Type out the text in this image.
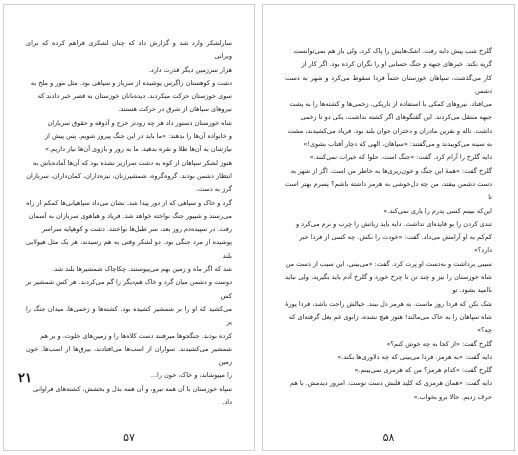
سارلشکر وارد شد و گزارش داد که چنان لشکری فراهم کرده که برای ویرانی

هزار سرزمین دیگر قدرت دارد.

دشت و کوهستان زاگرس پوشیده از سرباز و سپاهی بود. مثل مور و ملخ به

سوی خوزستان حرکت میکردند. دیده‌بانان خوزستان به قصر خبر دادند که

نیروهای سپاهان از شرق در حرکت هستند.

شاه خوزستان دستور داد هر چه زودتر خرج و آذوقه و حقوق سربازان

و خانواده آن‌ها را بدهند: «ما باید در این جنگ پیروز شویم. پس پیش از

نیازشان به آن‌ها طلا و نقره بدهید. ما به زور و بازوی آن‌ها نیاز داریم.»

هنوز لشکر سپاهان از کوه به دشت سرازیر نشده بود که آن‌ها آماده‌باش به

انتظار دشمن بودند. گروه‌گروه، شمشیرزنان، نیزه‌داران، کمان‌داران، سربازان

گرز به دست.

گرد و خاک و سیاهی که از دور پیدا شد، نشان می‌داد سپاهیانی‌ها کمکم از راه

می‌رسند و شیپور جنگ نواخته خواهد شد. فریاد و هیاهوی سربازان به آسمان

رفت. در سپیده‌دم روز بعد، سر طبل‌ها نواختند. دشت و کوهپایه سراسر

پوشیده از مرد جنگی بود. دو لشکر وقتی به هم رسیدند، هر یک مثل هیولایی بلند

شد که اگر ماه و زمین بهم می‌پیوستند. چکاچاک شمشیرها بلند شد.

دوست و دشمن میان گرد و خاک هم‌دیگر را گم می‌کردند. هر کس شمشیر بر کس

می‌کشید که او را بر شمشیر کشیده بود. کشته‌ها و زخمی‌ها، میدان جنگ را پر

کرده بودند. جنگجوها میرفتند دست کلاه‌ها را و زمین‌های خلوت، و بر هم

شمشیر می‌کشیدند. سواران از اسب‌ها می‌افتادند، بیرق‌ها از اسب‌ها. خون زمین

را میپوشاند، و خاک، خون را...

سپاه خوزستان با آن همه نیرو، و آن همه بذل و بخشش، کشته‌های فراوانی

داد.

۲۱
۵۷

گلرخ شب پیش دایه رفت. اشک‌هایش را پاک کرد، ولی باز هم نمی‌توانست

گریه نکند. خبرهای جبهه و جنگ حسابی او را نگران کرده بود. اگر کار از

کار می‌گذشت، سپاهان خوزستان حتماً فردا سقوط می‌کرد و شهر به دست دشمن

می‌افتاد. نیروهای کمکی با استفاده از تاریکی، زخمی‌ها و کشته‌ها را به پشت

جبهه منتقل می‌کردند. این گفتگوهای اگر کشته نداشت، یکی دو تا زخمی

داشت. ناله و نفرین مادران و دختران جوان بلند بود. فریاد می‌کشیدند، مشت

به سینه می‌کوبیدند و می‌گفتند: «سپاهان، الهی که دچار آفتاب بشوی!»

دایه گلرخ را آرام کرد. گفت: «جنگ است. حلوا که خیرات نمی‌کنند.»

گلرخ گفت: «همهٔ این جنگ و خون‌ریزی‌ها به خاطر من است. اگر از شهر به

دست دشمن بیفتد، من چه دل‌خوشی به هرمز داشته باشم؟ پسرم بهتر است تا

این‌که ببینم کسی پدرم را یاری نمی‌کند.»

تندی کردن را بو فایده‌ای نداشت. دایه باید زبانش را چرب و نرم می‌کرد و

کم‌کم به او آرامش می‌داد. گفت: «خودت را نکش. چه کسی از فردا خبر

دارد؟»

سیبی برداشت و به‌دست او پرت کرد. گفت: «می‌بینی، این سیب از دست من

شاه خوزستان را نیز و چند تن تا چرخ خورد و گلرخ آدم باید بگیرید، ولی نباید ناامید بشود. تو

شک نکن که فردا روز ماست. به هرمز دل ببند. خیالش راحت باشد، فردا پوزهٔ

شاه سپاهان را به خاک می‌مالند! هنوز هیچ نشده، زانوی غم بغل گرفته‌ای که

چه؟»

گلرخ گفت: «از کجا به چه خوش کنم؟»

دایه گفت: «به هرمز. فردا می‌بینی که چه دلاوری‌ها بکند.»

گلرخ گفت: «کدام هرمز؟ من که هرمزی نمی‌بینم.»

دایه گفت: «همان هرمزی که کلید قلبش دست توست. امروز دیدمش. با هم

حرف زدیم. حالا برو بخواب.»

۵۸
